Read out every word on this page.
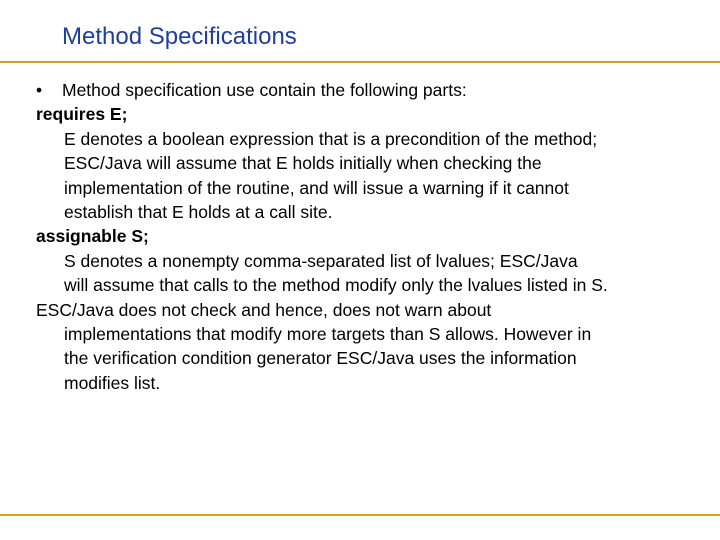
Method Specifications
• Method specification use contain the following parts:
requires E;
E denotes a boolean expression that is a precondition of the method;
ESC/Java will assume that E holds initially when checking the
implementation of the routine, and will issue a warning if it cannot
establish that E holds at a call site.
assignable S;
S denotes a nonempty comma-separated list of lvalues; ESC/Java
will assume that calls to the method modify only the lvalues listed in S.
ESC/Java does not check and hence, does not warn about
implementations that modify more targets than S allows. However in
the verification condition generator ESC/Java uses the information
modifies list.
